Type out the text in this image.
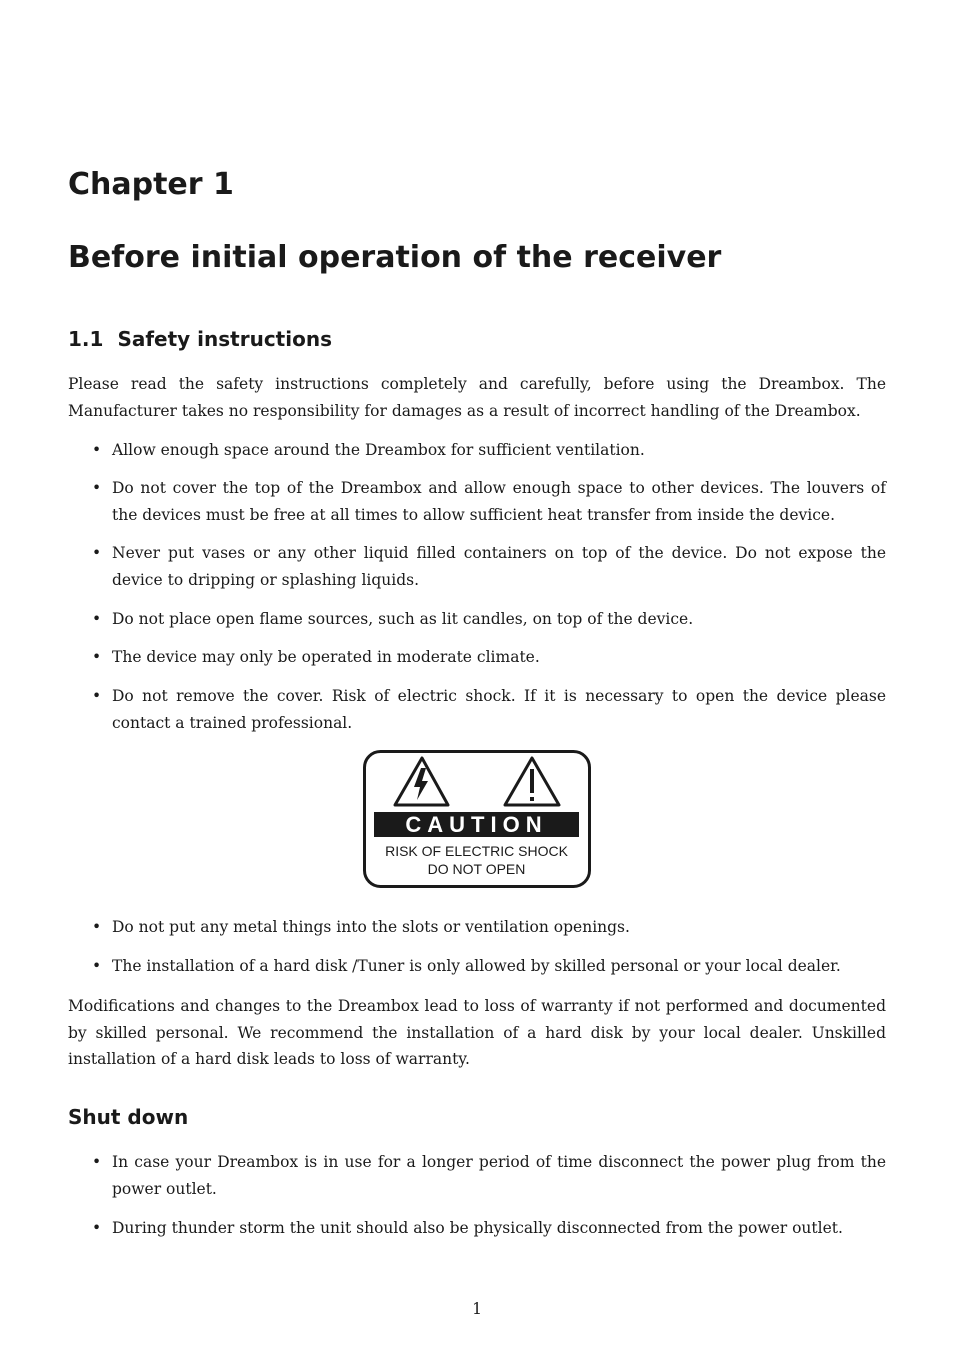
Chapter 1
Before initial operation of the receiver
1.1 Safety instructions

Please read the safety instructions completely and carefully, before using the Dreambox. The Manufacturer takes no responsibility for damages as a result of incorrect handling of the Dreambox.

• Allow enough space around the Dreambox for sufficient ventilation.
• Do not cover the top of the Dreambox and allow enough space to other devices. The louvers of the devices must be free at all times to allow sufficient heat transfer from inside the device.
• Never put vases or any other liquid filled containers on top of the device. Do not expose the device to dripping or splashing liquids.
• Do not place open flame sources, such as lit candles, on top of the device.
• The device may only be operated in moderate climate.
• Do not remove the cover. Risk of electric shock. If it is necessary to open the device please contact a trained professional.
CAUTION
RISK OF ELECTRIC SHOCK
DO NOT OPEN
• Do not put any metal things into the slots or ventilation openings.
• The installation of a hard disk /Tuner is only allowed by skilled personal or your local dealer.

Modifications and changes to the Dreambox lead to loss of warranty if not performed and documented by skilled personal. We recommend the installation of a hard disk by your local dealer. Unskilled installation of a hard disk leads to loss of warranty.

Shut down
• In case your Dreambox is in use for a longer period of time disconnect the power plug from the power outlet.
• During thunder storm the unit should also be physically disconnected from the power outlet.

1
